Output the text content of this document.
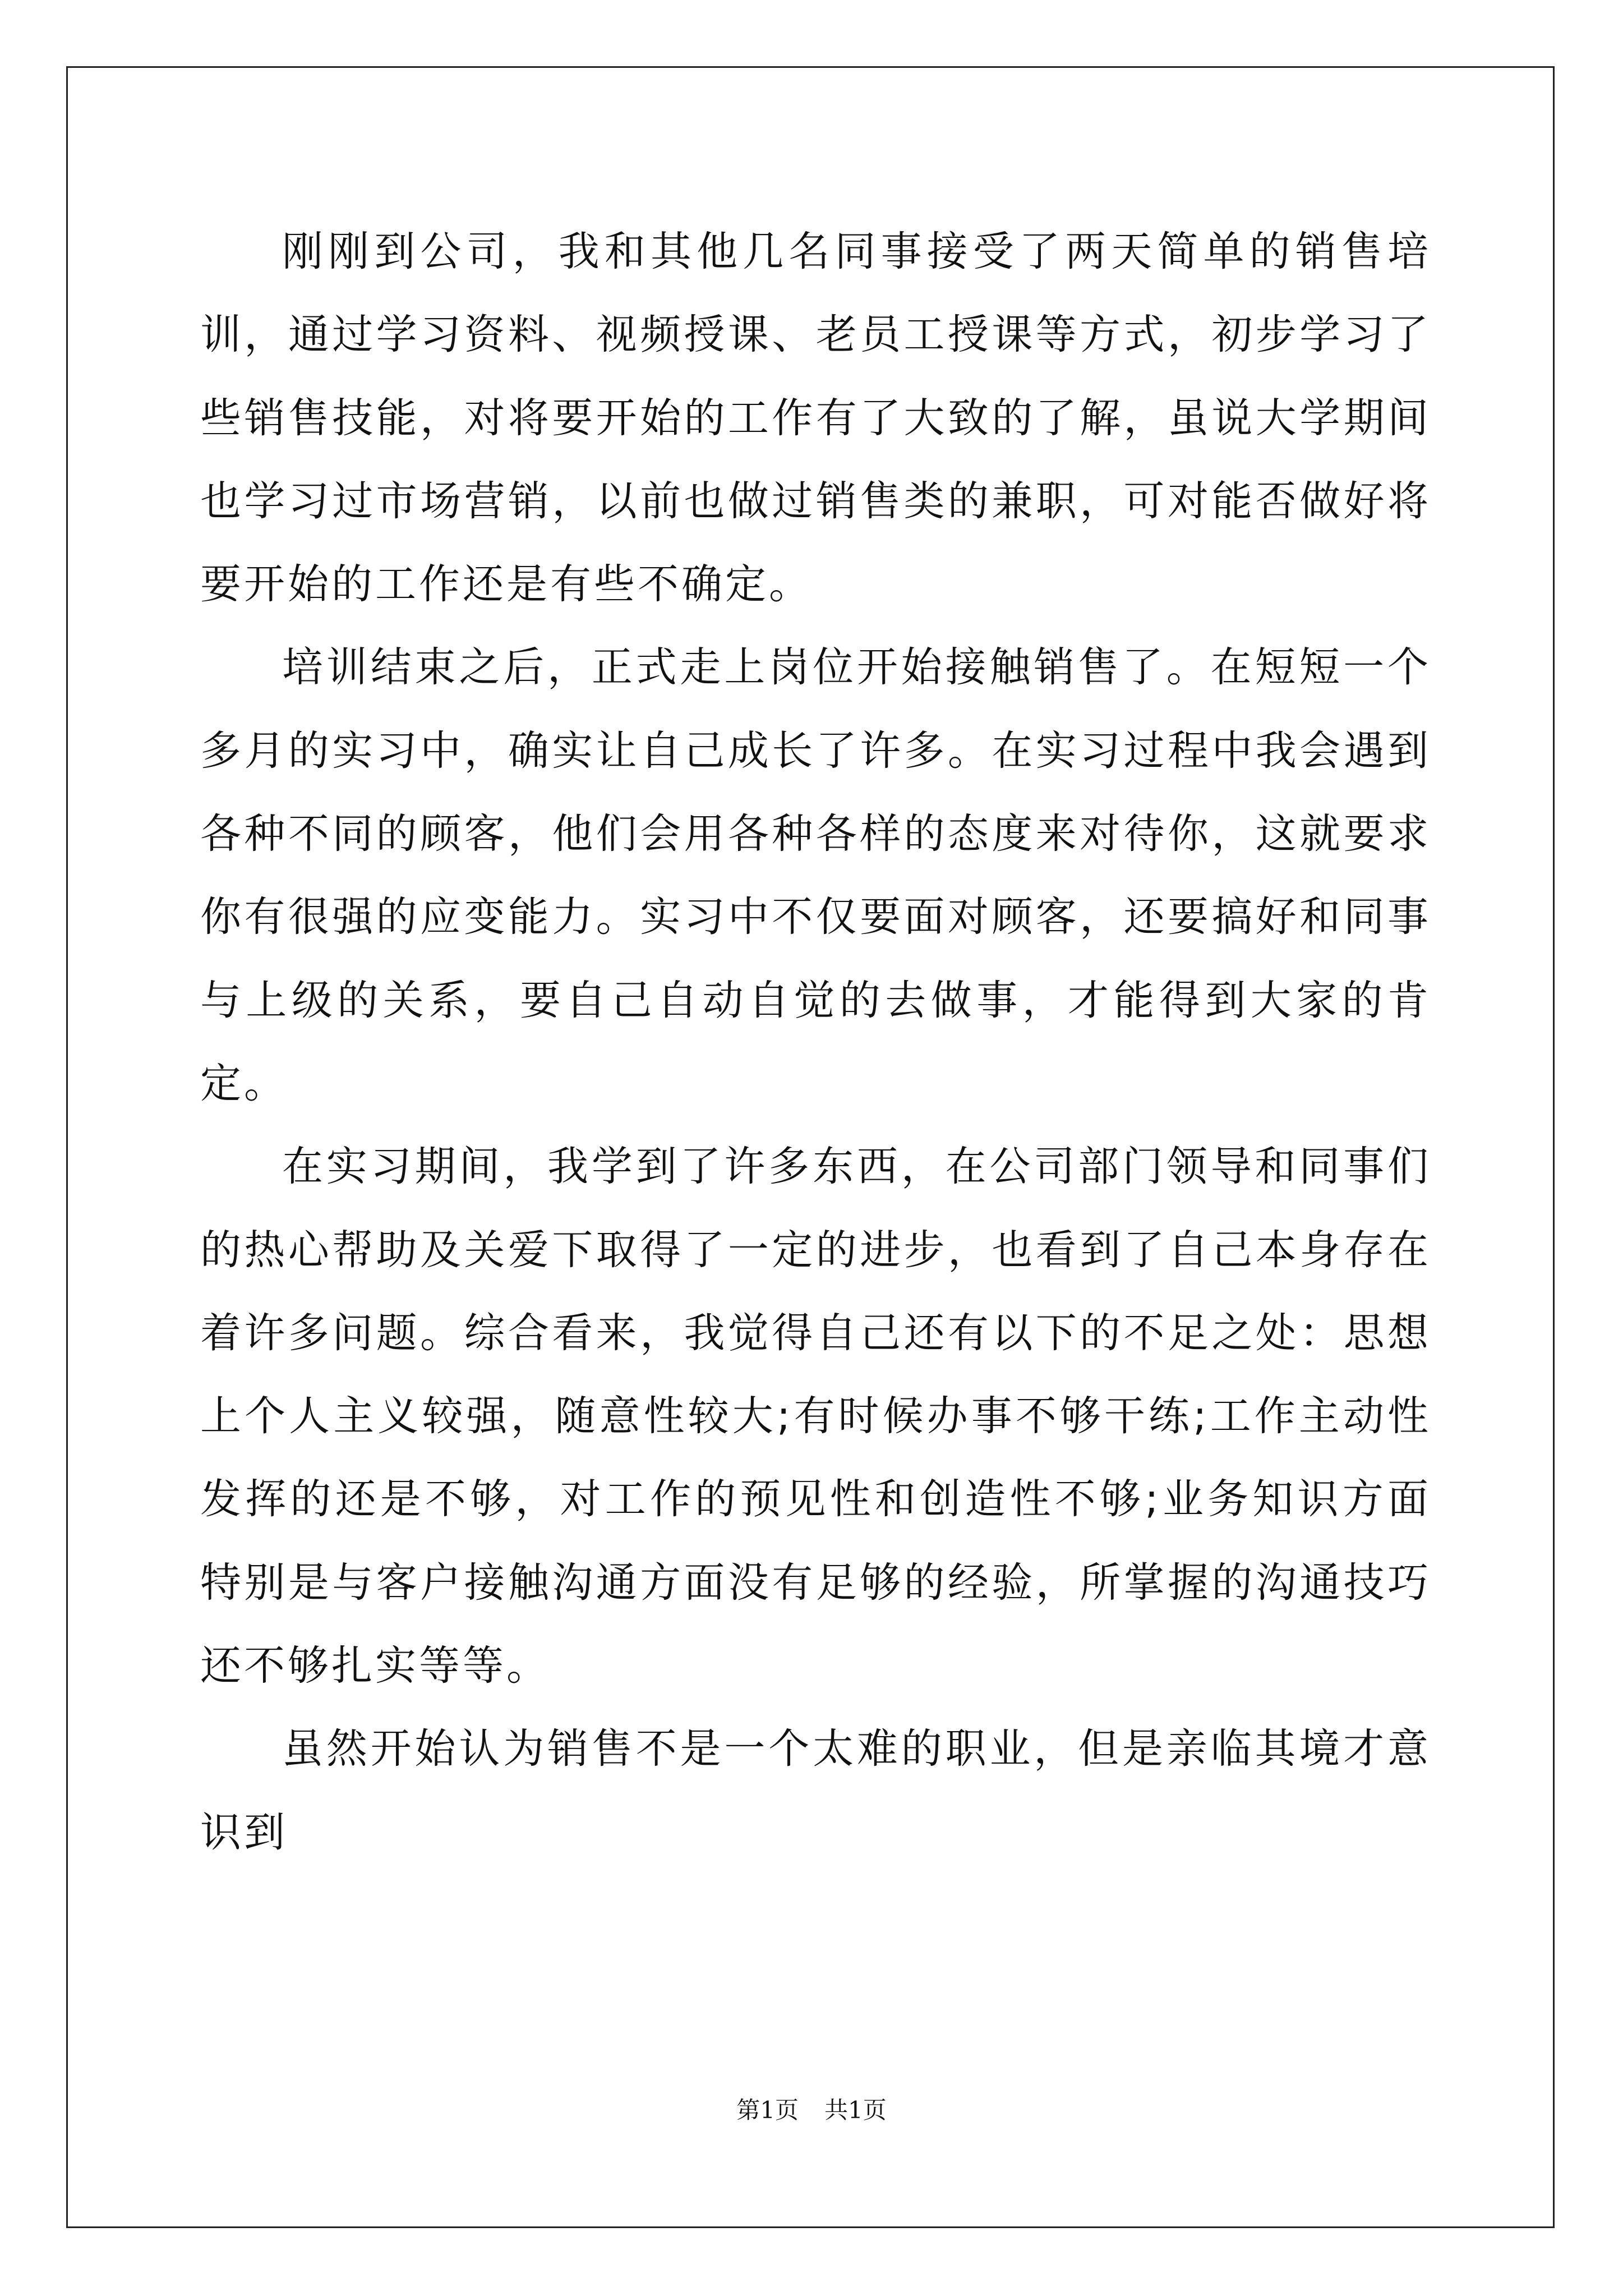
刚刚到公司，我和其他几名同事接受了两天简单的销售培训，通过学习资料、视频授课、老员工授课等方式，初步学习了些销售技能，对将要开始的工作有了大致的了解，虽说大学期间也学习过市场营销，以前也做过销售类的兼职，可对能否做好将要开始的工作还是有些不确定。

培训结束之后，正式走上岗位开始接触销售了。在短短一个多月的实习中，确实让自己成长了许多。在实习过程中我会遇到各种不同的顾客，他们会用各种各样的态度来对待你，这就要求你有很强的应变能力。实习中不仅要面对顾客，还要搞好和同事与上级的关系，要自己自动自觉的去做事，才能得到大家的肯定。

在实习期间，我学到了许多东西，在公司部门领导和同事们的热心帮助及关爱下取得了一定的进步，也看到了自己本身存在着许多问题。综合看来，我觉得自己还有以下的不足之处：思想上个人主义较强，随意性较大;有时候办事不够干练;工作主动性发挥的还是不够，对工作的预见性和创造性不够;业务知识方面特别是与客户接触沟通方面没有足够的经验，所掌握的沟通技巧还不够扎实等等。

虽然开始认为销售不是一个太难的职业，但是亲临其境才意识到

第1页 共1页
